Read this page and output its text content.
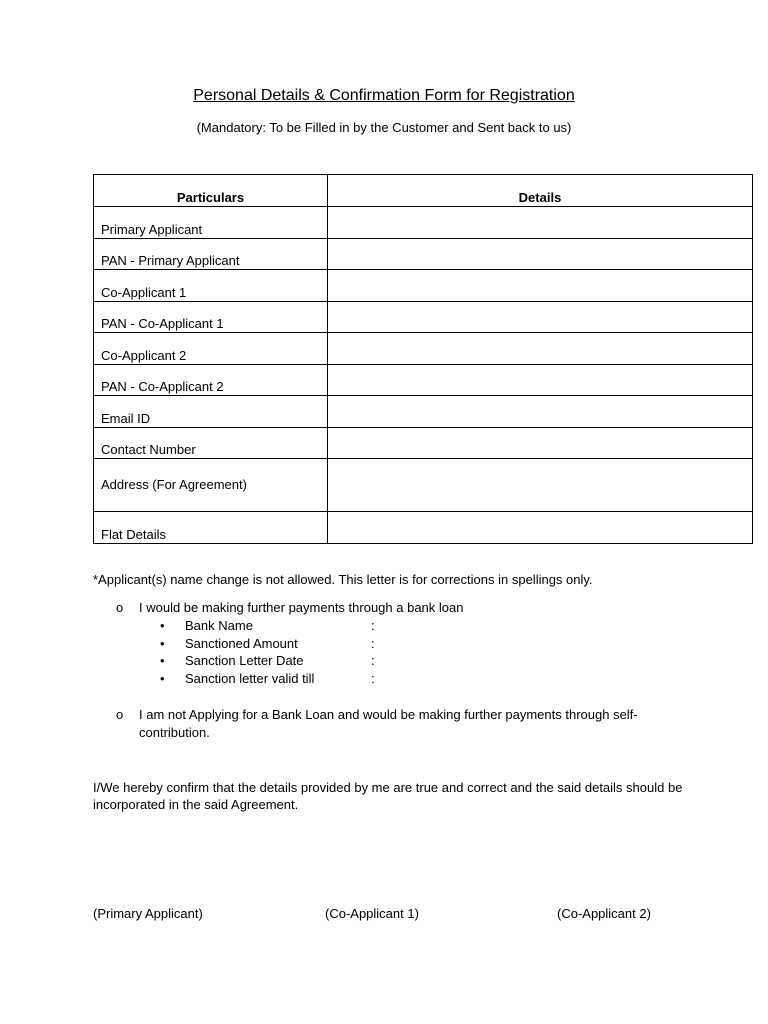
Personal Details & Confirmation Form for Registration
(Mandatory: To be Filled in by the Customer and Sent back to us)
Particulars	Details
Primary Applicant	
PAN - Primary Applicant	
Co-Applicant 1	
PAN - Co-Applicant 1	
Co-Applicant 2	
PAN - Co-Applicant 2	
Email ID	
Contact Number	
Address (For Agreement)	
Flat Details	
*Applicant(s) name change is not allowed. This letter is for corrections in spellings only.
o	I would be making further payments through a bank loan
• Bank Name	:
• Sanctioned Amount	:
• Sanction Letter Date	:
• Sanction letter valid till	:
o	I am not Applying for a Bank Loan and would be making further payments through self-contribution.
I/We hereby confirm that the details provided by me are true and correct and the said details should be incorporated in the said Agreement.
(Primary Applicant)	(Co-Applicant 1)	(Co-Applicant 2)
